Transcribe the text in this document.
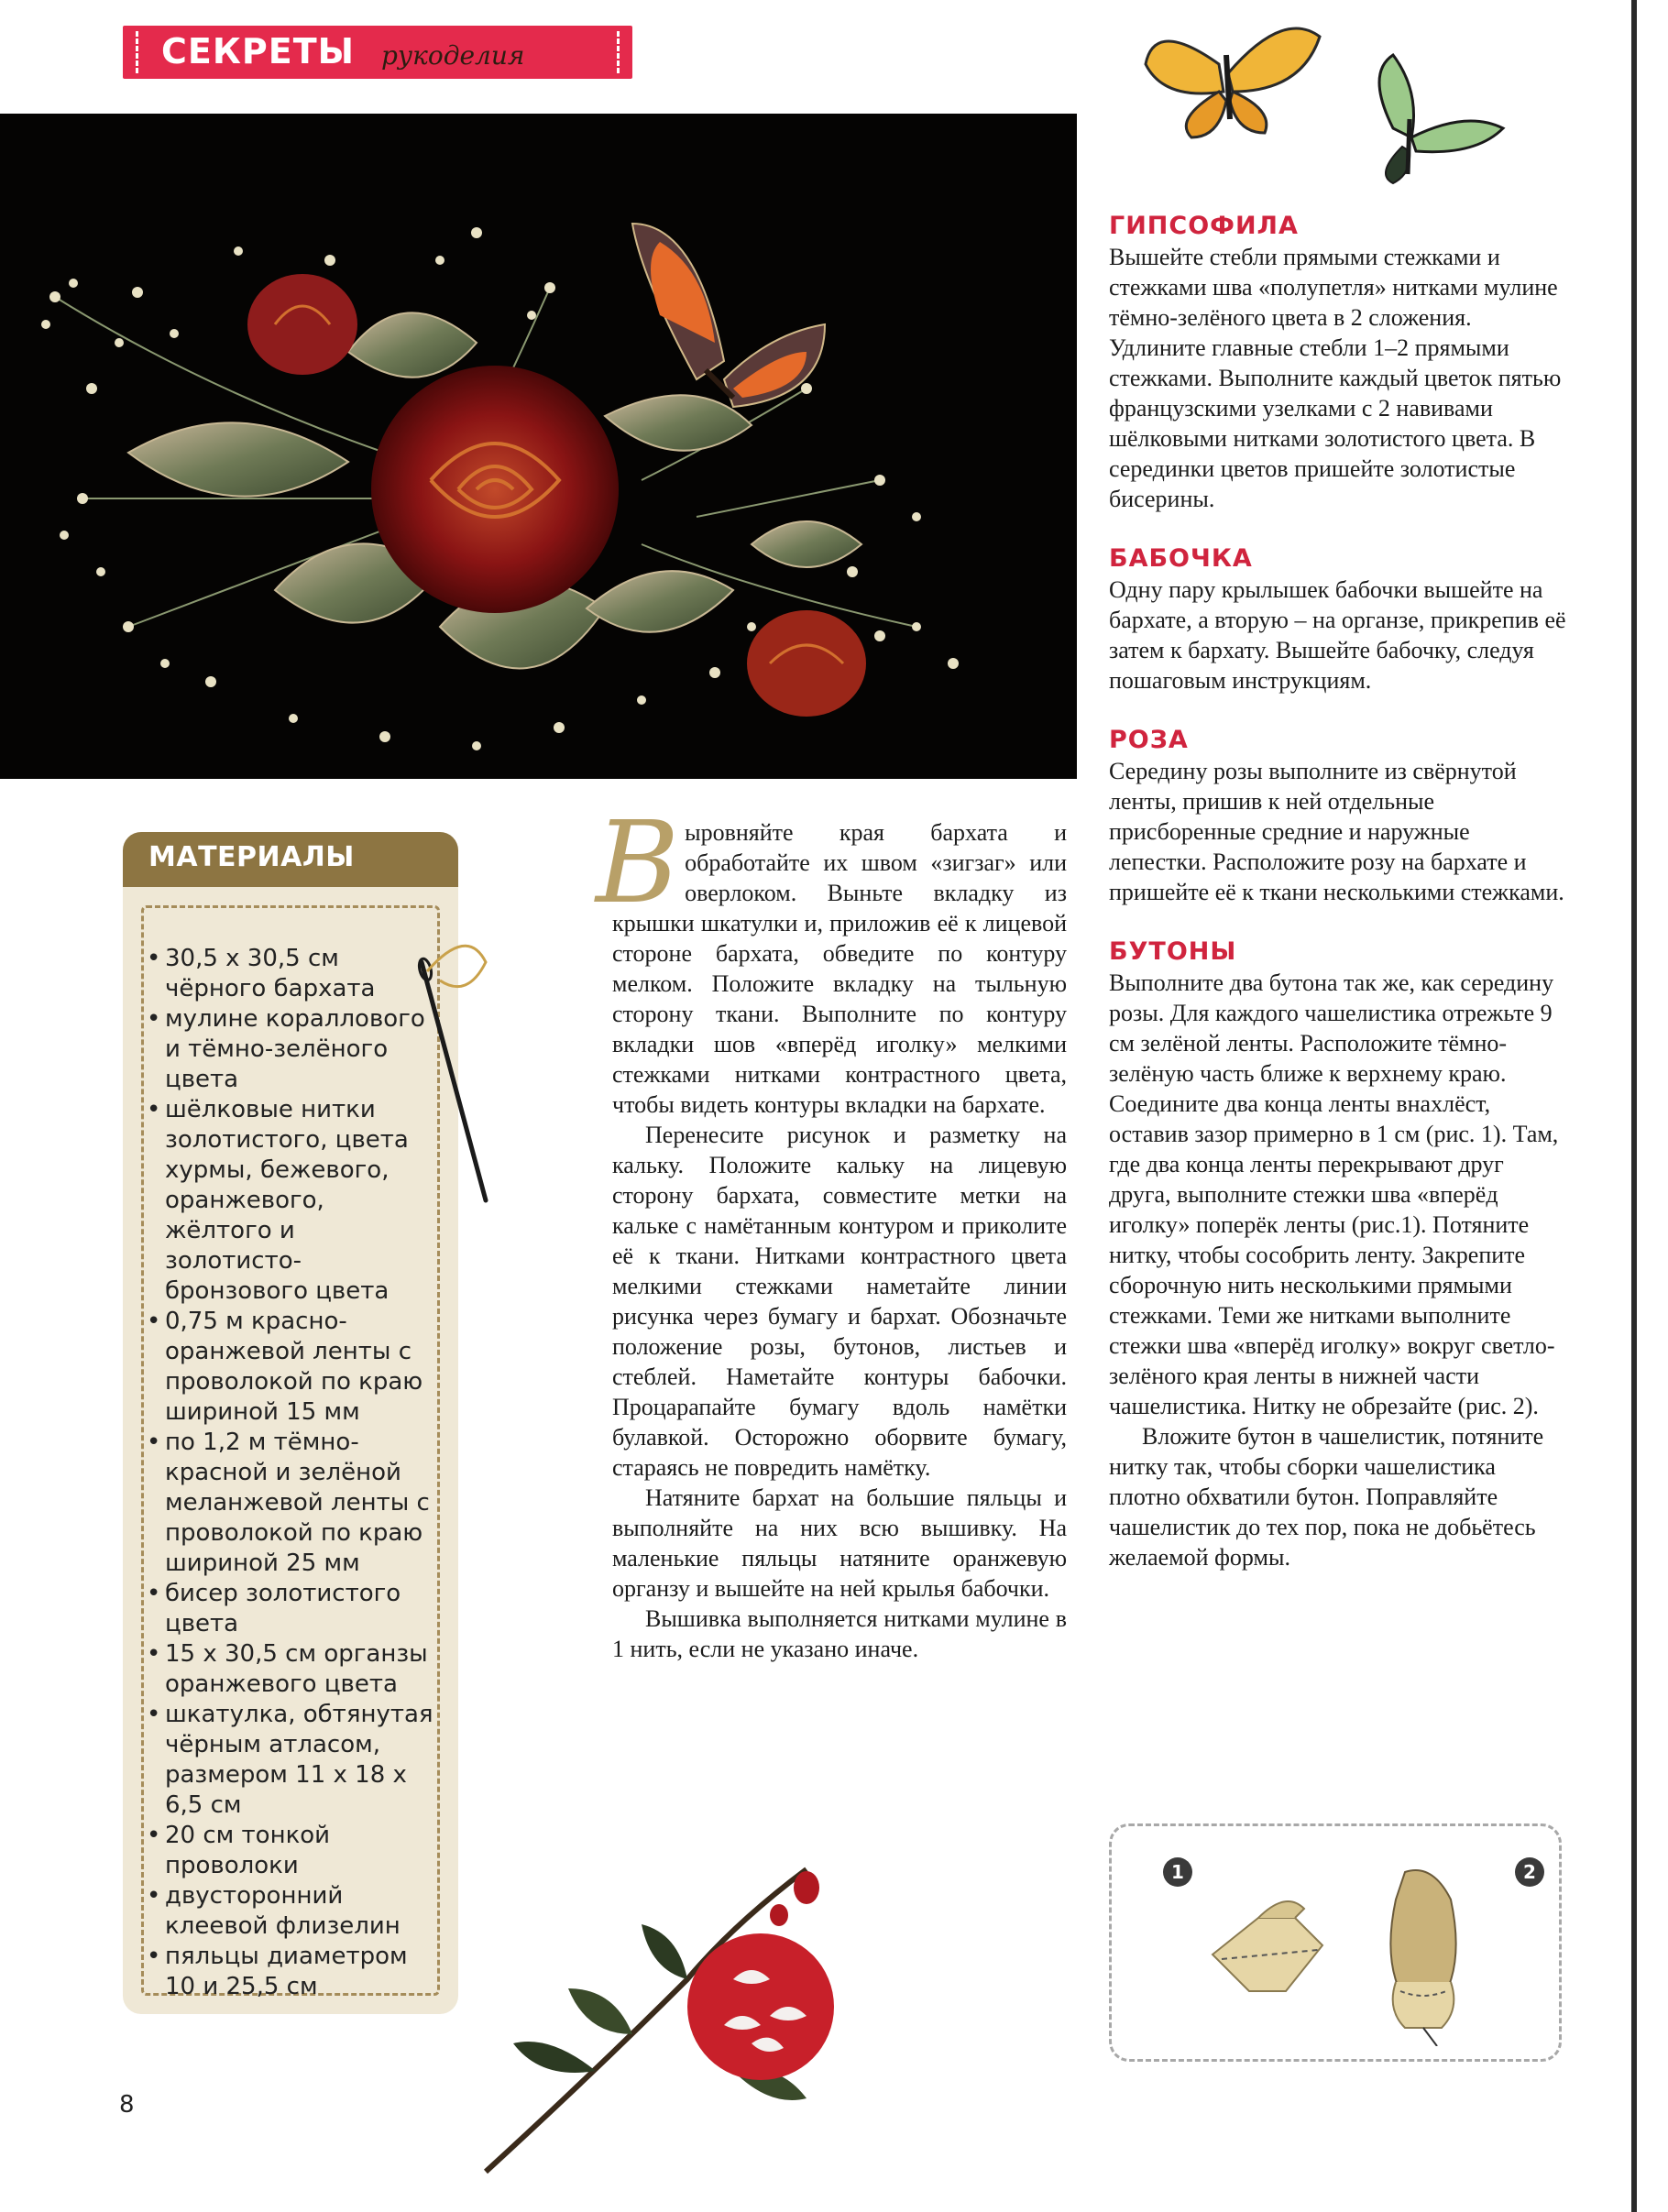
СЕКРЕТЫ рукоделия
МАТЕРИАЛЫ
• 30,5 х 30,5 см чёрного бархата
• мулине кораллового и тёмно-зелёного цвета
• шёлковые нитки золотистого, цвета хурмы, бежевого, оранжевого, жёлтого и золотисто-бронзового цвета
• 0,75 м красно-оранжевой ленты с проволокой по краю шириной 15 мм
• по 1,2 м тёмно-красной и зелёной меланжевой ленты с проволокой по краю шириной 25 мм
• бисер золотистого цвета
• 15 х 30,5 см органзы оранжевого цвета
• шкатулка, обтянутая чёрным атласом, размером 11 х 18 х 6,5 см
• 20 см тонкой проволоки
• двусторонний клеевой флизелин
• пяльцы диаметром 10 и 25,5 см

Выровняйте края бархата и обработайте их швом «зигзаг» или оверлоком. Выньте вкладку из крышки шкатулки и, приложив её к лицевой стороне бархата, обведите по контуру мелком. Положите вкладку на тыльную сторону ткани. Выполните по контуру вкладки шов «вперёд иголку» мелкими стежками нитками контрастного цвета, чтобы видеть контуры вкладки на бархате.

Перенесите рисунок и разметку на кальку. Положите кальку на лицевую сторону бархата, совместите метки на кальке с намётанным контуром и приколите её к ткани. Нитками контрастного цвета мелкими стежками наметайте линии рисунка через бумагу и бархат. Обозначьте положение розы, бутонов, листьев и стеблей. Наметайте контуры бабочки. Процарапайте бумагу вдоль намётки булавкой. Осторожно оборвите бумагу, стараясь не повредить намётку.

Натяните бархат на большие пяльцы и выполняйте на них всю вышивку. На маленькие пяльцы натяните оранжевую органзу и вышейте на ней крылья бабочки.

Вышивка выполняется нитками мулине в 1 нить, если не указано иначе.

ГИПСОФИЛА

Вышейте стебли прямыми стежками и стежками шва «полупетля» нитками мулине тёмно-зелёного цвета в 2 сложения. Удлините главные стебли 1–2 прямыми стежками. Выполните каждый цветок пятью французскими узелками с 2 навивами шёлковыми нитками золотистого цвета. В серединки цветов пришейте золотистые бисерины.

БАБОЧКА

Одну пару крылышек бабочки вышейте на бархате, а вторую – на органзе, прикрепив её затем к бархату. Вышейте бабочку, следуя пошаговым инструкциям.

РОЗА

Середину розы выполните из свёрнутой ленты, пришив к ней отдельные присборенные средние и наружные лепестки. Расположите розу на бархате и пришейте её к ткани несколькими стежками.

БУТОНЫ

Выполните два бутона так же, как середину розы. Для каждого чашелистика отрежьте 9 см зелёной ленты. Расположите тёмно-зелёную часть ближе к верхнему краю. Соедините два конца ленты внахлёст, оставив зазор примерно в 1 см (рис. 1). Там, где два конца ленты перекрывают друг друга, выполните стежки шва «вперёд иголку» поперёк ленты (рис.1). Потяните нитку, чтобы сособрить ленту. Закрепите сборочную нить несколькими прямыми стежками. Теми же нитками выполните стежки шва «вперёд иголку» вокруг светло-зелёного края ленты в нижней части чашелистика. Нитку не обрезайте (рис. 2).

Вложите бутон в чашелистик, потяните нитку так, чтобы сборки чашелистика плотно обхватили бутон. Поправляйте чашелистик до тех пор, пока не добьётесь желаемой формы.

1	2
8
